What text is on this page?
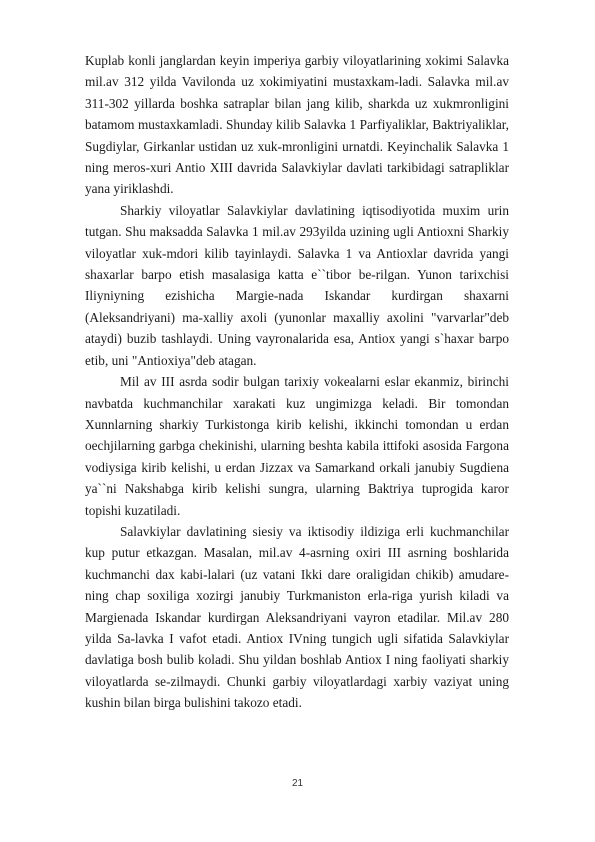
Kuplab konli janglardan keyin imperiya garbiy viloyatlarining xokimi Salavka mil.av 312 yilda Vavilonda uz xokimiyatini mustaxkam-ladi. Salavka mil.av 311-302 yillarda boshka satraplar bilan jang kilib, sharkda uz xukmronligini batamom mustaxkamladi. Shunday kilib Salavka 1 Parfiyaliklar, Baktriyaliklar, Sugdiylar, Girkanlar ustidan uz xuk-mronligini urnatdi. Keyinchalik Salavka 1 ning meros-xuri Antio XIII davrida Salavkiylar davlati tarkibidagi satrapliklar yana yiriklashdi.

Sharkiy viloyatlar Salavkiylar davlatining iqtisodiyotida muxim urin tutgan. Shu maksadda Salavka 1 mil.av 293yilda uzining ugli Antioxni Sharkiy viloyatlar xuk-mdori kilib tayinlaydi. Salavka 1 va Antioxlar davrida yangi shaxarlar barpo etish masalasiga katta e``tibor be-rilgan. Yunon tarixchisi Iliyniyning ezishicha Margie-nada Iskandar kurdirgan shaxarni (Aleksandriyani) ma-xalliy axoli (yunonlar maxalliy axolini "varvarlar"deb ataydi) buzib tashlaydi. Uning vayronalarida esa, Antiox yangi s`haxar barpo etib, uni "Antioxiya"deb atagan.

Mil av III asrda sodir bulgan tarixiy vokealarni eslar ekanmiz, birinchi navbatda kuchmanchilar xarakati kuz ungimizga keladi. Bir tomondan Xunnlarning sharkiy Turkistonga kirib kelishi, ikkinchi tomondan u erdan oechjilarning garbga chekinishi, ularning beshta kabila ittifoki asosida Fargona vodiysiga kirib kelishi, u erdan Jizzax va Samarkand orkali janubiy Sugdiena ya``ni Nakshabga kirib kelishi sungra, ularning Baktriya tuprogida karor topishi kuzatiladi.

Salavkiylar davlatining siesiy va iktisodiy ildiziga erli kuchmanchilar kup putur etkazgan. Masalan, mil.av 4-asrning oxiri III asrning boshlarida kuchmanchi dax kabi-lalari (uz vatani Ikki dare oraligidan chikib) amudare-ning chap soxiliga xozirgi janubiy Turkmaniston erla-riga yurish kiladi va Margienada Iskandar kurdirgan Aleksandriyani vayron etadilar. Mil.av 280 yilda Sa-lavka I vafot etadi. Antiox IVning tungich ugli sifatida Salavkiylar davlatiga bosh bulib koladi. Shu yildan boshlab Antiox I ning faoliyati sharkiy viloyatlarda se-zilmaydi. Chunki garbiy viloyatlardagi xarbiy vaziyat uning kushin bilan birga bulishini takozo etadi.

21
